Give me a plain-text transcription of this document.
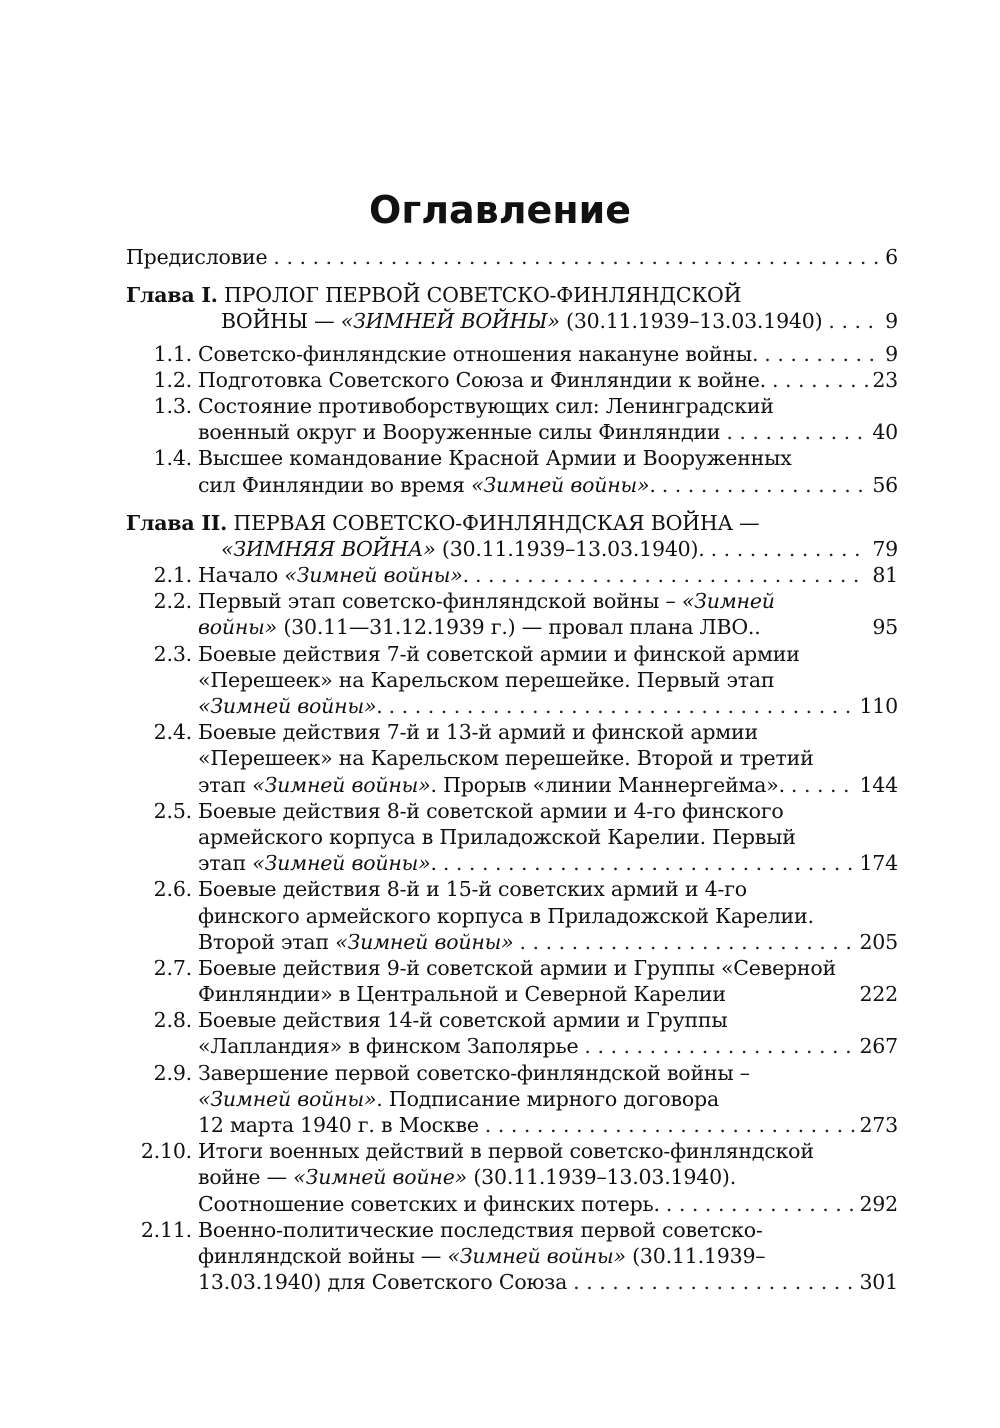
Оглавление
Предисловие . . .	6
Глава I. ПРОЛОГ ПЕРВОЙ СОВЕТСКО-ФИНЛЯНДСКОЙ
ВОЙНЫ — «ЗИМНЕЙ ВОЙНЫ» (30.11.1939–13.03.1940) . . .	9
1.1. Советско-финляндские отношения накануне войны. . . .	9
1.2. Подготовка Советского Союза и Финляндии к войне. . . .	23
1.3. Состояние противоборствующих сил: Ленинградский
военный округ и Вооруженные силы Финляндии . . .	40
1.4. Высшее командование Красной Армии и Вооруженных
сил Финляндии во время «Зимней войны». . . .	56
Глава II. ПЕРВАЯ СОВЕТСКО-ФИНЛЯНДСКАЯ ВОЙНА —
«ЗИМНЯЯ ВОЙНА» (30.11.1939–13.03.1940). . . .	79
2.1. Начало «Зимней войны». . . .	81
2.2. Первый этап советско-финляндской войны – «Зимней
войны» (30.11—31.12.1939 г.) — провал плана ЛВО..	95
2.3. Боевые действия 7-й советской армии и финской армии
«Перешеек» на Карельском перешейке. Первый этап
«Зимней войны». . . .	110
2.4. Боевые действия 7-й и 13-й армий и финской армии
«Перешеек» на Карельском перешейке. Второй и третий
этап «Зимней войны». Прорыв «линии Маннергейма». . . .	144
2.5. Боевые действия 8-й советской армии и 4-го финского
армейского корпуса в Приладожской Карелии. Первый
этап «Зимней войны». . . .	174
2.6. Боевые действия 8-й и 15-й советских армий и 4-го
финского армейского корпуса в Приладожской Карелии.
Второй этап «Зимней войны» . . .	205
2.7. Боевые действия 9-й советской армии и Группы «Северной
Финляндии» в Центральной и Северной Карелии	222
2.8. Боевые действия 14-й советской армии и Группы
«Лапландия» в финском Заполярье . . .	267
2.9. Завершение первой советско-финляндской войны –
«Зимней войны». Подписание мирного договора
12 марта 1940 г. в Москве . . .	273
2.10. Итоги военных действий в первой советско-финляндской
войне — «Зимней войне» (30.11.1939–13.03.1940).
Соотношение советских и финских потерь. . . .	292
2.11. Военно-политические последствия первой советско-
финляндской войны — «Зимней войны» (30.11.1939–
13.03.1940) для Советского Союза . . .	301
